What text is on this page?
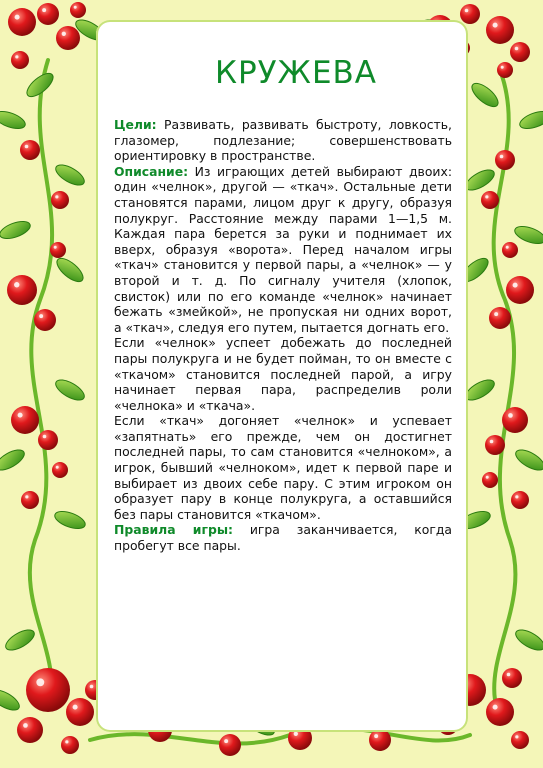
КРУЖЕВА

Цели: Развивать, развивать быстроту, ловкость, глазомер, подлезание; совершенствовать ориентировку в пространстве.

Описание: Из играющих детей выбирают двоих: один «челнок», другой — «ткач». Остальные дети становятся парами, лицом друг к другу, образуя полукруг. Расстояние между парами 1—1,5 м. Каждая пара берется за руки и поднимает их вверх, образуя «ворота». Перед началом игры «ткач» становится у первой пары, а «челнок» — у второй и т. д. По сигналу учителя (хлопок, свисток) или по его команде «челнок» начинает бежать «змейкой», не пропуская ни одних ворот, а «ткач», следуя его путем, пытается догнать его.

Если «челнок» успеет добежать до последней пары полукруга и не будет пойман, то он вместе с «ткачом» становится последней парой, а игру начинает первая пара, распределив роли «челнока» и «ткача».

Если «ткач» догоняет «челнок» и успевает «запятнать» его прежде, чем он достигнет последней пары, то сам становится «челноком», а игрок, бывший «челноком», идет к первой паре и выбирает из двоих себе пару. С этим игроком он образует пару в конце полукруга, а оставшийся без пары становится «ткачом».

Правила игры: игра заканчивается, когда пробегут все пары.
